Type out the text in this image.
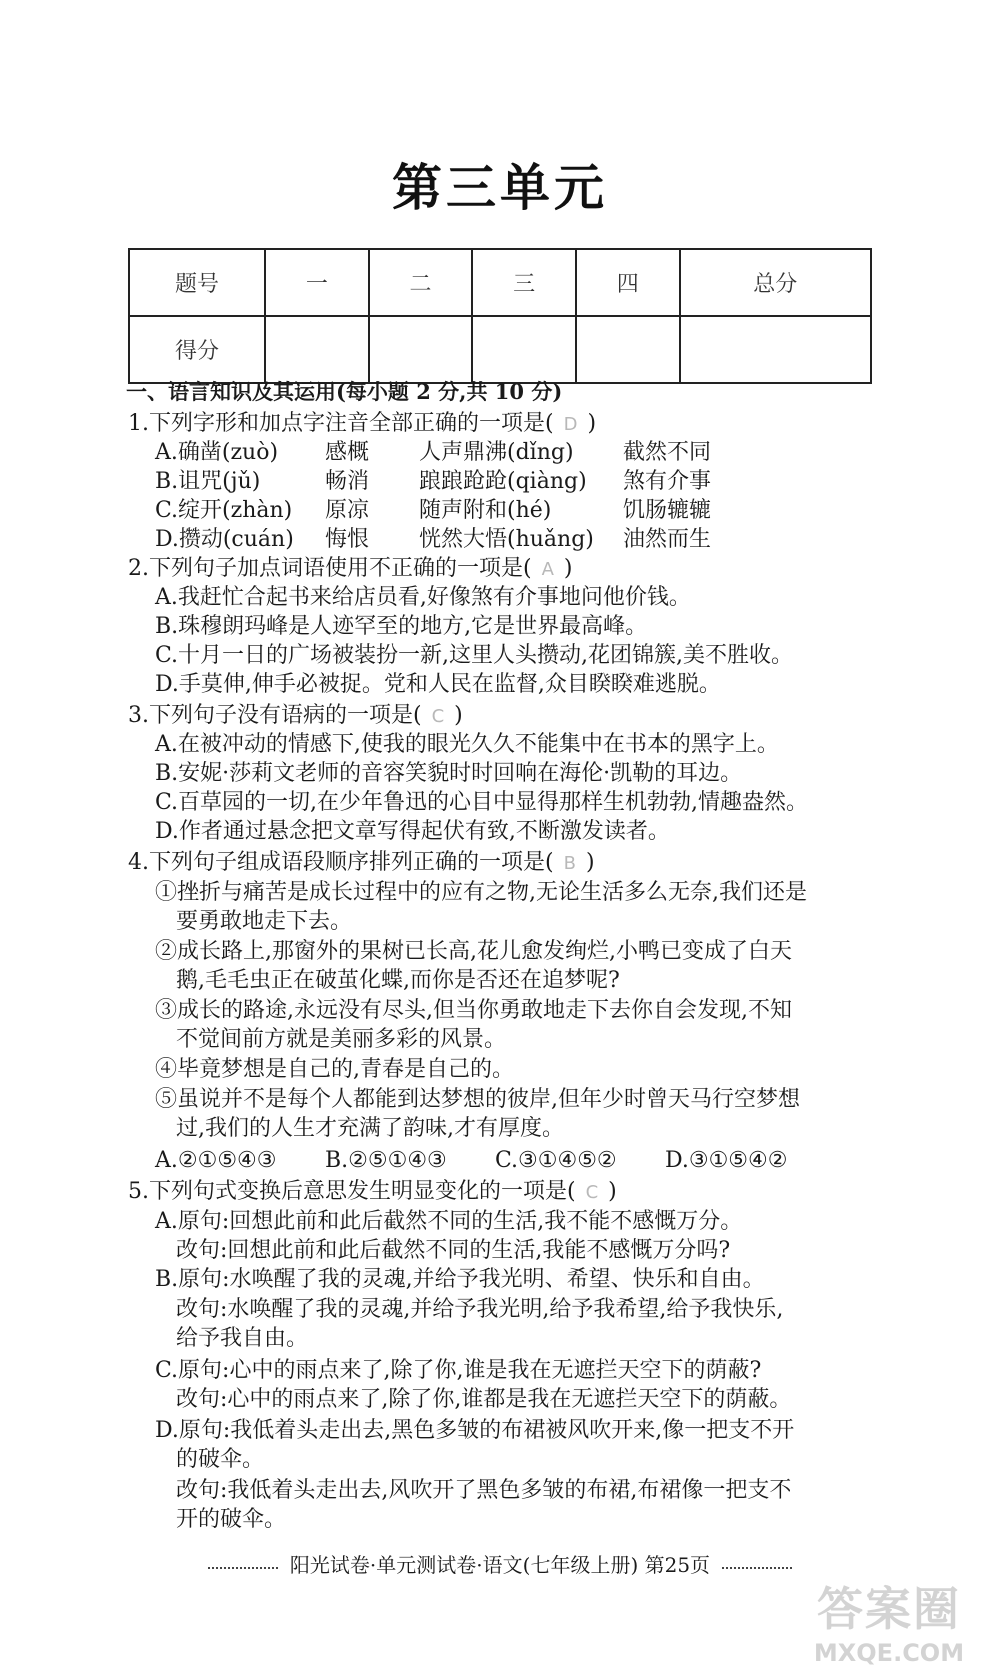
第三单元
题号	一	二	三	四	总分
得分					
一、语言知识及其运用(每小题 2 分,共 10 分)
1.下列字形和加点字注音全部正确的一项是( D )
A.确凿(zuò) 感概 人声鼎沸(dǐng) 截然不同
B.诅咒(jǔ)	畅消 踉踉跄跄(qiàng) 煞有介事
C.绽开(zhàn) 原凉 随声附和(hé)	饥肠辘辘
D.攒动(cuán) 悔恨 恍然大悟(huǎng) 油然而生
2.下列句子加点词语使用不正确的一项是( A )
A.我赶忙合起书来给店员看,好像煞有介事地问他价钱。
B.珠穆朗玛峰是人迹罕至的地方,它是世界最高峰。
C.十月一日的广场被装扮一新,这里人头攒动,花团锦簇,美不胜收。
D.手莫伸,伸手必被捉。党和人民在监督,众目睽睽难逃脱。
3.下列句子没有语病的一项是( C )
A.在被冲动的情感下,使我的眼光久久不能集中在书本的黑字上。
B.安妮·莎莉文老师的音容笑貌时时回响在海伦·凯勒的耳边。
C.百草园的一切,在少年鲁迅的心目中显得那样生机勃勃,情趣盎然。
D.作者通过悬念把文章写得起伏有致,不断激发读者。
4.下列句子组成语段顺序排列正确的一项是( B )
①挫折与痛苦是成长过程中的应有之物,无论生活多么无奈,我们还是
要勇敢地走下去。
②成长路上,那窗外的果树已长高,花儿愈发绚烂,小鸭已变成了白天
鹅,毛毛虫正在破茧化蝶,而你是否还在追梦呢?
③成长的路途,永远没有尽头,但当你勇敢地走下去你自会发现,不知
不觉间前方就是美丽多彩的风景。
④毕竟梦想是自己的,青春是自己的。
⑤虽说并不是每个人都能到达梦想的彼岸,但年少时曾天马行空梦想
过,我们的人生才充满了韵味,才有厚度。
A.②①⑤④③ B.②⑤①④③ C.③①④⑤② D.③①⑤④②
5.下列句式变换后意思发生明显变化的一项是( C )
A.原句:回想此前和此后截然不同的生活,我不能不感慨万分。
改句:回想此前和此后截然不同的生活,我能不感慨万分吗?
B.原句:水唤醒了我的灵魂,并给予我光明、希望、快乐和自由。
改句:水唤醒了我的灵魂,并给予我光明,给予我希望,给予我快乐,
给予我自由。
C.原句:心中的雨点来了,除了你,谁是我在无遮拦天空下的荫蔽?
改句:心中的雨点来了,除了你,谁都是我在无遮拦天空下的荫蔽。
D.原句:我低着头走出去,黑色多皱的布裙被风吹开来,像一把支不开
的破伞。
改句:我低着头走出去,风吹开了黑色多皱的布裙,布裙像一把支不
开的破伞。
阳光试卷·单元测试卷·语文(七年级上册) 第25页
答案圈
MXQE.COM
